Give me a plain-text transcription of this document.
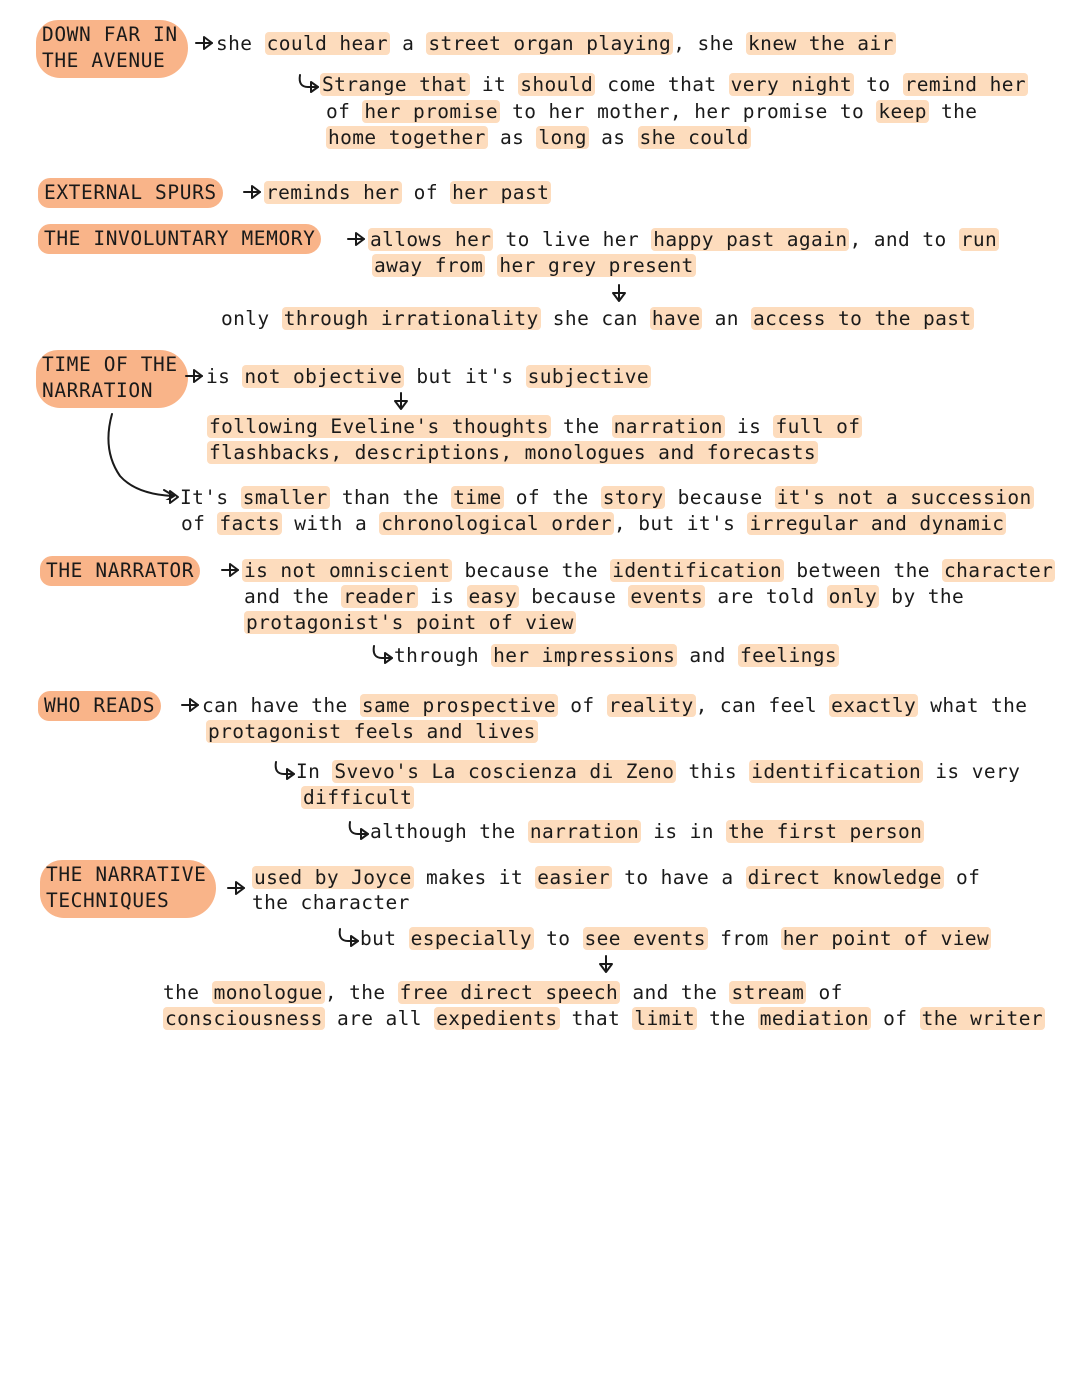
DOWN FAR IN
THE AVENUE
she could hear a street organ playing , she knew the air
Strange that it should come that very night to remind her
of her promise to her mother, her promise to keep the
home together as long as she could
EXTERNAL SPURS	reminds her of her past
THE INVOLUNTARY MEMORY	allows her to live her happy past again , and to run
away from her grey present
only through irrationality she can have an access to the past
TIME OF THE
NARRATION
is not objective but it's subjective
following Eveline's thoughts the narration is full of
flashbacks, descriptions, monologues and forecasts
It's smaller than the time of the story because it's not a succession
of facts with a chronological order , but it's irregular and dynamic
THE NARRATOR	is not omniscient because the identification between the character
and the reader is easy because events are told only by the
protagonist's point of view
through her impressions and feelings
WHO READS	can have the same prospective of reality , can feel exactly what the
protagonist feels and lives
In Svevo's La coscienza di Zeno this identification is very
difficult
although the narration is in the first person
THE NARRATIVE
TECHNIQUES
used by Joyce makes it easier to have a direct knowledge of
the character
but especially to see events from her point of view
the monologue , the free direct speech and the stream of
consciousness are all expedients that limit the mediation of the writer
